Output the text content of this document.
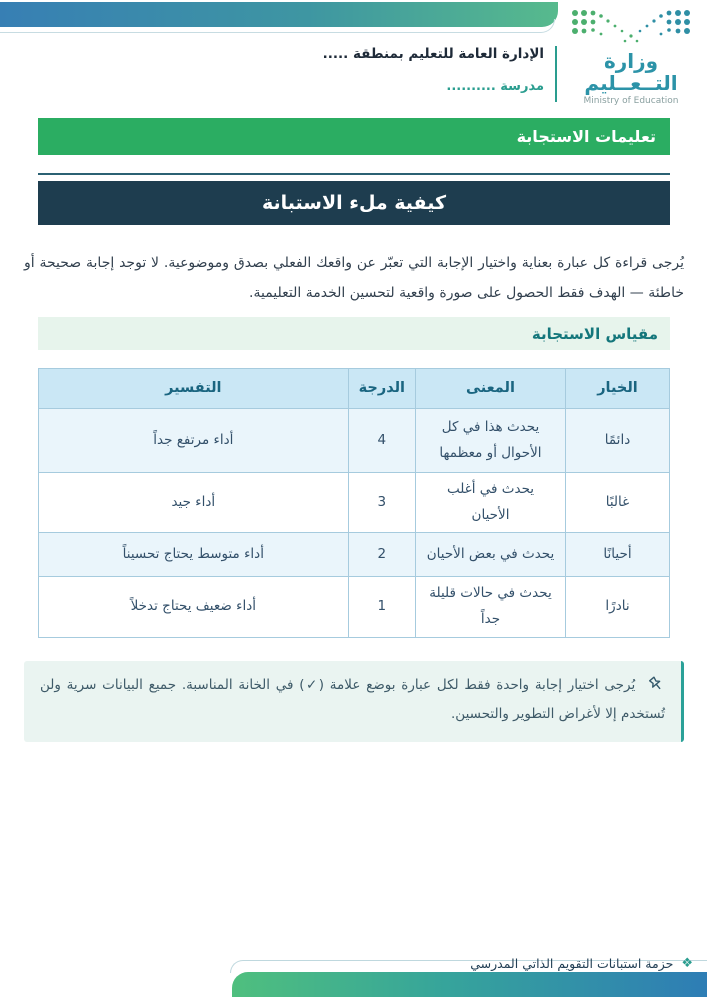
وزارة التــعــليم
Ministry of Education
الإدارة العامة للتعليم بمنطقة .....
مدرسة ..........
تعليمات الاستجابة
كيفية ملء الاستبانة

يُرجى قراءة كل عبارة بعناية واختيار الإجابة التي تعبّر عن واقعك الفعلي بصدق وموضوعية. لا توجد إجابة صحيحة أو خاطئة — الهدف فقط الحصول على صورة واقعية لتحسين الخدمة التعليمية.

مقياس الاستجابة
الخيار	المعنى	الدرجة	التفسير
دائمًا	يحدث هذا في كل الأحوال أو معظمها	4	أداء مرتفع جداً
غالبًا	يحدث في أغلب الأحيان	3	أداء جيد
أحيانًا	يحدث في بعض الأحيان	2	أداء متوسط يحتاج تحسيناً
نادرًا	يحدث في حالات قليلة جداً	1	أداء ضعيف يحتاج تدخلاً
يُرجى اختيار إجابة واحدة فقط لكل عبارة بوضع علامة (✓) في الخانة المناسبة. جميع البيانات سرية ولن تُستخدم إلا لأغراض التطوير والتحسين.
❖
حزمة استبانات التقويم الذاتي المدرسي
